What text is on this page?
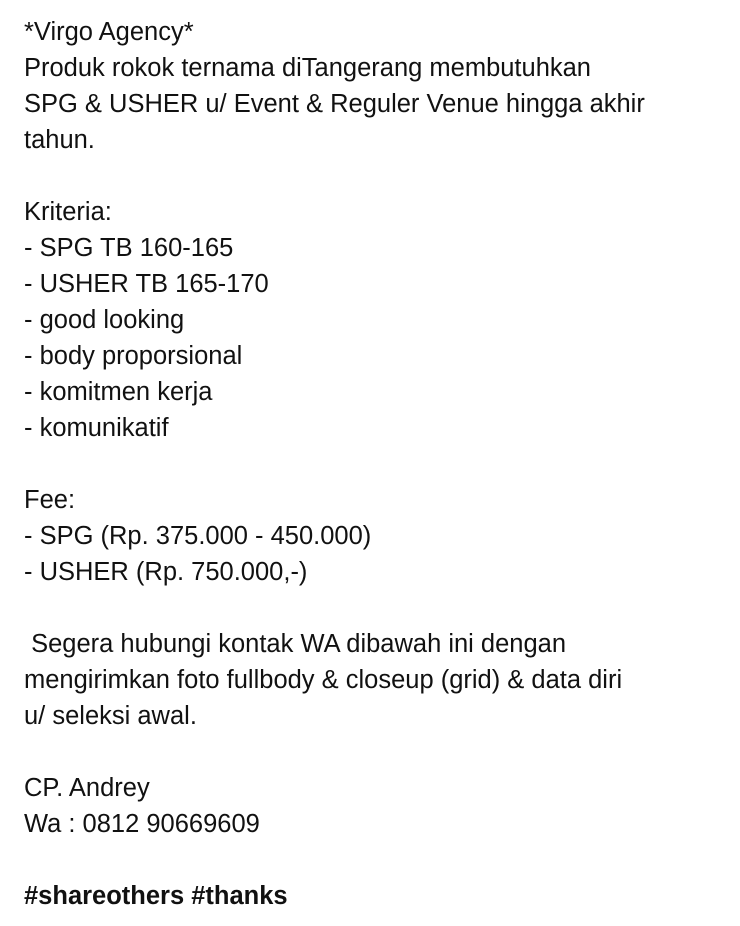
*Virgo Agency*
Produk rokok ternama diTangerang membutuhkan
SPG & USHER u/ Event & Reguler Venue hingga akhir
tahun.
Kriteria:
- SPG TB 160-165
- USHER TB 165-170
- good looking
- body proporsional
- komitmen kerja
- komunikatif
Fee:
- SPG (Rp. 375.000 - 450.000)
- USHER (Rp. 750.000,-)
Segera hubungi kontak WA dibawah ini dengan
mengirimkan foto fullbody & closeup (grid) & data diri
u/ seleksi awal.
CP. Andrey
Wa : 0812 90669609
#shareothers #thanks
